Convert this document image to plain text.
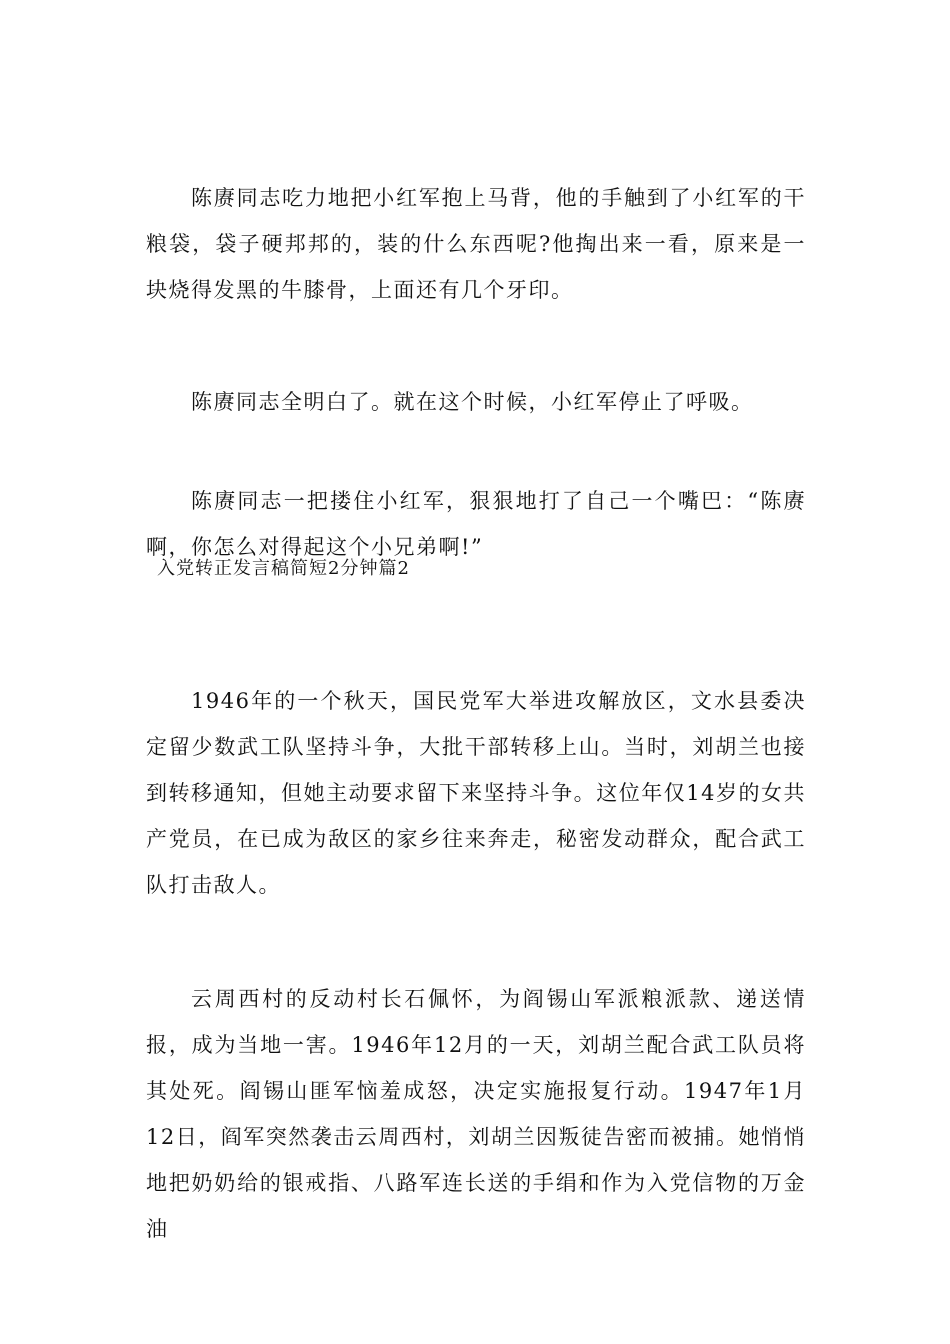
陈赓同志吃力地把小红军抱上马背，他的手触到了小红军的干粮袋，袋子硬邦邦的，装的什么东西呢?他掏出来一看，原来是一块烧得发黑的牛膝骨，上面还有几个牙印。

陈赓同志全明白了。就在这个时候，小红军停止了呼吸。

陈赓同志一把搂住小红军，狠狠地打了自己一个嘴巴：“陈赓啊，你怎么对得起这个小兄弟啊!”

入党转正发言稿简短2分钟篇2

1946年的一个秋天，国民党军大举进攻解放区，文水县委决定留少数武工队坚持斗争，大批干部转移上山。当时，刘胡兰也接到转移通知，但她主动要求留下来坚持斗争。这位年仅14岁的女共产党员，在已成为敌区的家乡往来奔走，秘密发动群众，配合武工队打击敌人。

云周西村的反动村长石佩怀，为阎锡山军派粮派款、递送情报，成为当地一害。1946年12月的一天，刘胡兰配合武工队员将其处死。阎锡山匪军恼羞成怒，决定实施报复行动。1947年1月12日，阎军突然袭击云周西村，刘胡兰因叛徒告密而被捕。她悄悄地把奶奶给的银戒指、八路军连长送的手绢和作为入党信物的万金油
